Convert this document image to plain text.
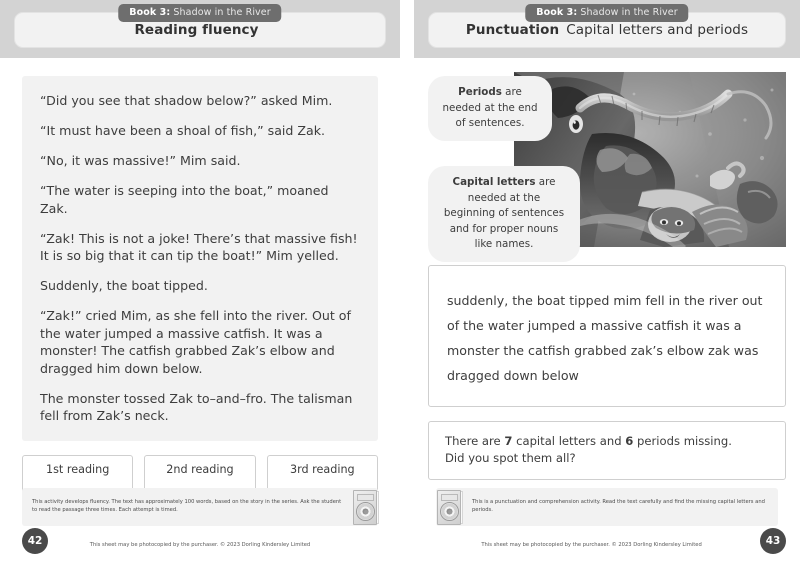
Reading fluency
Book 3: Shadow in the River

“Did you see that shadow below?” asked Mim.

“It must have been a shoal of fish,” said Zak.

“No, it was massive!” Mim said.

“The water is seeping into the boat,” moaned Zak.

“Zak! This is not a joke! There’s that massive fish! It is so big that it can tip the boat!” Mim yelled.

Suddenly, the boat tipped.

“Zak!” cried Mim, as she fell into the river. Out of the water jumped a massive catfish. It was a monster! The catfish grabbed Zak’s elbow and dragged him down below.

The monster tossed Zak to–and–fro. The talisman fell from Zak’s neck.

1st reading	2nd reading	3rd reading
This activity develops fluency. The text has approximately 100 words, based on the story in the series. Ask the student to read the passage three times. Each attempt is timed.
This sheet may be photocopied by the purchaser. © 2023 Dorling Kindersley Limited
42
Punctuation Capital letters and periods
Book 3: Shadow in the River
Periods are needed at the end of sentences.
Capital letters are needed at the beginning of sentences and for proper nouns like names.

suddenly, the boat tipped mim fell in the river out of the water jumped a massive catfish it was a monster the catfish grabbed zak’s elbow zak was dragged down below

There are 7 capital letters and 6 periods missing.

Did you spot them all?

This is a punctuation and comprehension activity. Read the text carefully and find the missing capital letters and periods.
This sheet may be photocopied by the purchaser. © 2023 Dorling Kindersley Limited	43
